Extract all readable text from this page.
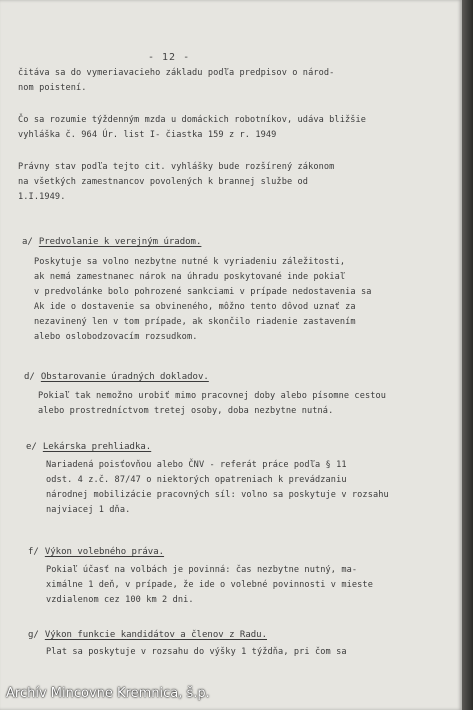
- 12 -
čitáva sa do vymeriavacieho základu podľa predpisov o národ-
nom poistení.
Čo sa rozumie týždenným mzda u domáckich robotníkov, udáva bližšie
vyhláška č. 964 Úr. list I- čiastka 159 z r. 1949
Právny stav podľa tejto cit. vyhlášky bude rozšírený zákonom
na všetkých zamestnancov povolených k brannej službe od
1.I.1949.
a/ Predvolanie k verejným úradom.
Poskytuje sa volno nezbytne nutné k vyriadeniu záležitosti,
ak nemá zamestnanec nárok na úhradu poskytované inde pokiaľ
v predvolánke bolo pohrozené sankciami v prípade nedostavenia sa
Ak ide o dostavenie sa obvineného, môžno tento dôvod uznať za
nezavinený len v tom prípade, ak skončilo riadenie zastavením
alebo oslobodzovacím rozsudkom.
d/ Obstarovanie úradných dokladov.
Pokiaľ tak nemožno urobiť mimo pracovnej doby alebo písomne cestou
alebo prostredníctvom tretej osoby, doba nezbytne nutná.
e/ Lekárska prehliadka.
Nariadená poisťovňou alebo ČNV - referát práce podľa § 11
odst. 4 z.č. 87/47 o niektorých opatreniach k prevádzaniu
národnej mobilizácie pracovných síl: volno sa poskytuje v rozsahu
najviacej 1 dňa.
f/ Výkon volebného práva.
Pokiaľ účasť na volbách je povinná: čas nezbytne nutný, ma-
ximálne 1 deň, v prípade, že ide o volebné povinnosti v mieste
vzdialenom cez 100 km 2 dni.
g/ Výkon funkcie kandidátov a členov z Radu.
Plat sa poskytuje v rozsahu do výšky 1 týždňa, pri čom sa
Archív Mincovne Kremnica, š.p.
